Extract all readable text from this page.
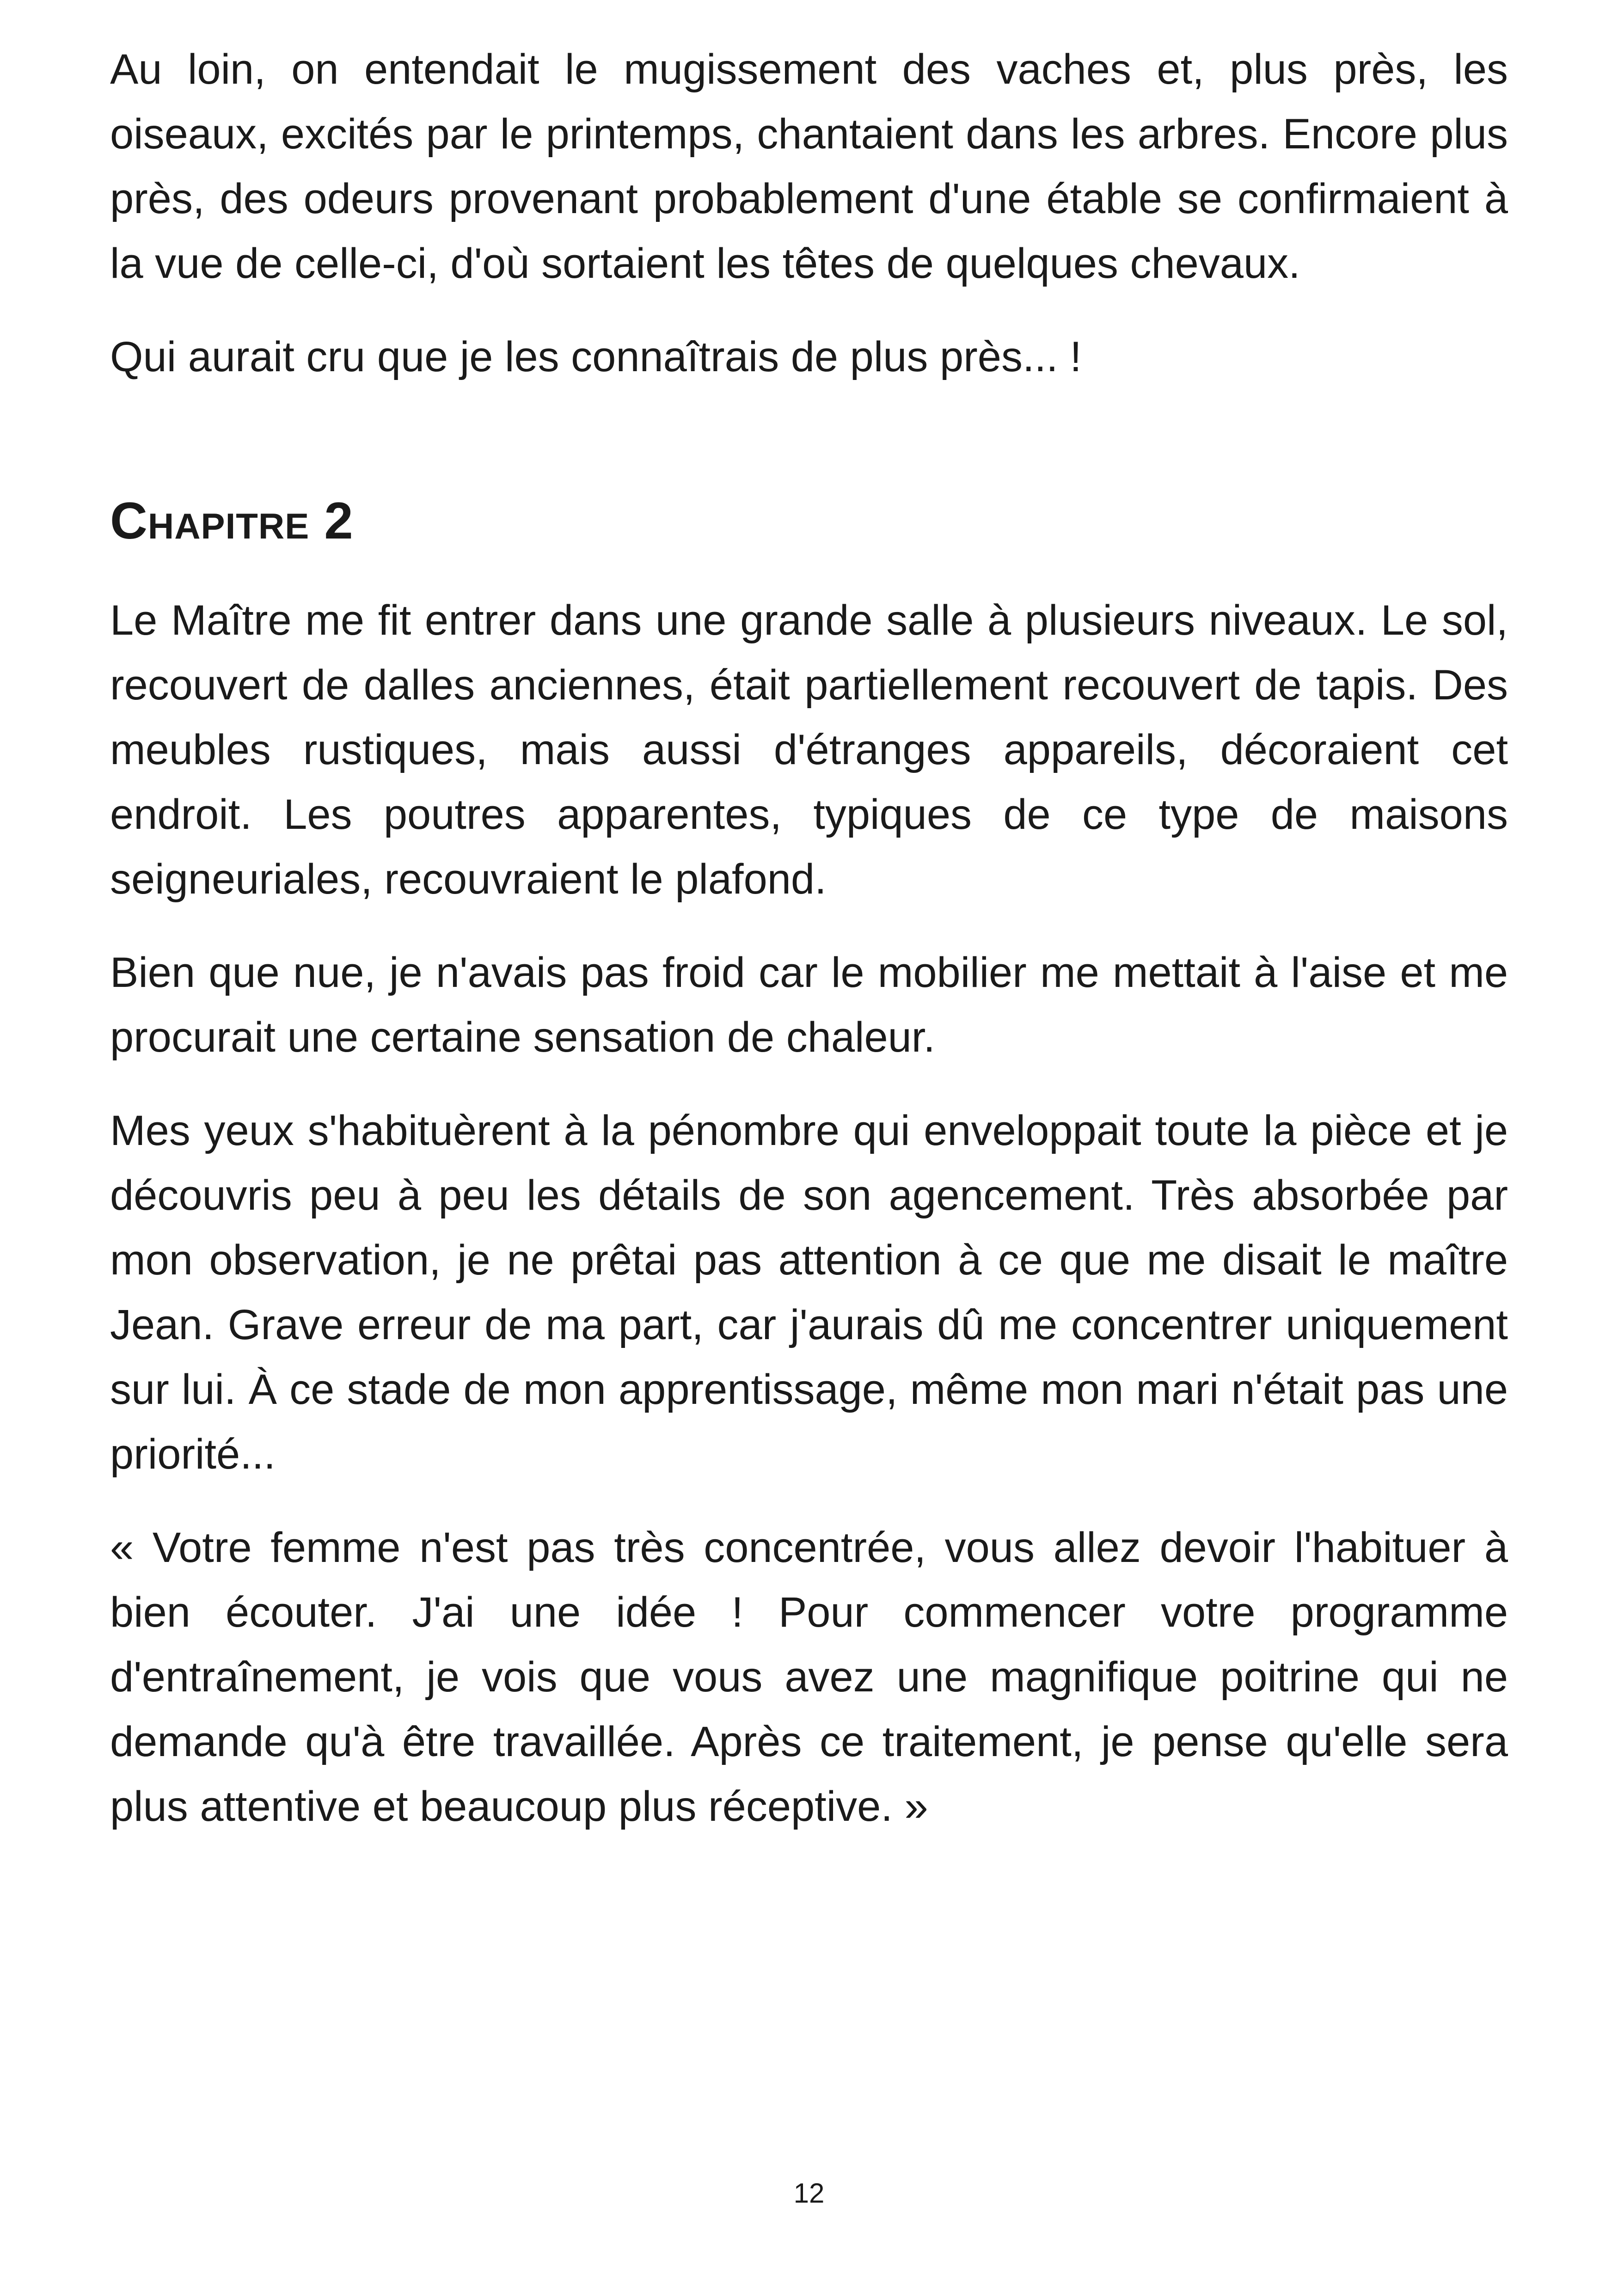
Au loin, on entendait le mugissement des vaches et, plus près, les oiseaux, excités par le printemps, chantaient dans les arbres. Encore plus près, des odeurs provenant probablement d'une étable se confirmaient à la vue de celle-ci, d'où sortaient les têtes de quelques chevaux.

Qui aurait cru que je les connaîtrais de plus près... !

Chapitre 2

Le Maître me fit entrer dans une grande salle à plusieurs niveaux. Le sol, recouvert de dalles anciennes, était partiellement recouvert de tapis. Des meubles rustiques, mais aussi d'étranges appareils, décoraient cet endroit. Les poutres apparentes, typiques de ce type de maisons seigneuriales, recouvraient le plafond.

Bien que nue, je n'avais pas froid car le mobilier me mettait à l'aise et me procurait une certaine sensation de chaleur.

Mes yeux s'habituèrent à la pénombre qui enveloppait toute la pièce et je découvris peu à peu les détails de son agencement. Très absorbée par mon observation, je ne prêtai pas attention à ce que me disait le maître Jean. Grave erreur de ma part, car j'aurais dû me concentrer uniquement sur lui. À ce stade de mon apprentissage, même mon mari n'était pas une priorité...

« Votre femme n'est pas très concentrée, vous allez devoir l'habituer à bien écouter. J'ai une idée ! Pour commencer votre programme d'entraînement, je vois que vous avez une magnifique poitrine qui ne demande qu'à être travaillée. Après ce traitement, je pense qu'elle sera plus attentive et beaucoup plus réceptive. »

12
